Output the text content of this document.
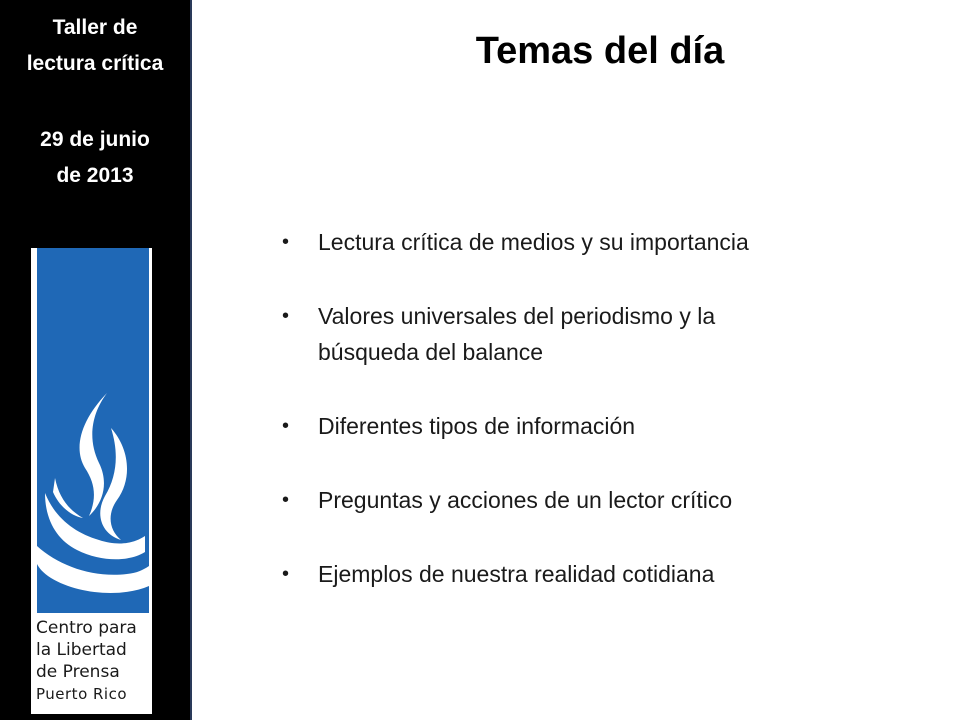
Taller de
lectura crítica
29 de junio
de 2013
Centro para
la Libertad
de Prensa
Puerto Rico
Temas del día
• Lectura crítica de medios y su importancia
• Valores universales del periodismo y la
búsqueda del balance
• Diferentes tipos de información
• Preguntas y acciones de un lector crítico
• Ejemplos de nuestra realidad cotidiana
